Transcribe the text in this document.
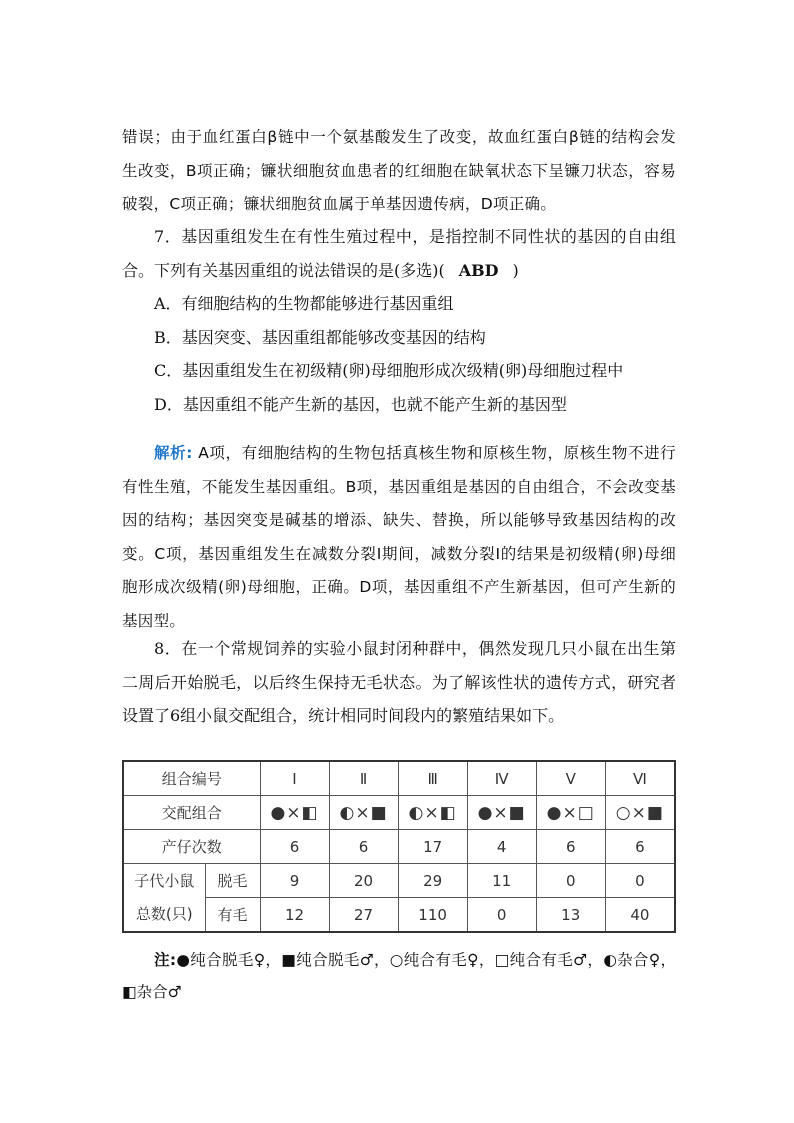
错误；由于血红蛋白β链中一个氨基酸发生了改变，故血红蛋白β链的结构会发生改变，B项正确；镰状细胞贫血患者的红细胞在缺氧状态下呈镰刀状态，容易破裂，C项正确；镰状细胞贫血属于单基因遗传病，D项正确。

7．基因重组发生在有性生殖过程中，是指控制不同性状的基因的自由组合。下列有关基因重组的说法错误的是(多选)( ABD )

A．有细胞结构的生物都能够进行基因重组

B．基因突变、基因重组都能够改变基因的结构

C．基因重组发生在初级精(卵)母细胞形成次级精(卵)母细胞过程中

D．基因重组不能产生新的基因，也就不能产生新的基因型

解析: A项，有细胞结构的生物包括真核生物和原核生物，原核生物不进行有性生殖，不能发生基因重组。B项，基因重组是基因的自由组合，不会改变基因的结构；基因突变是碱基的增添、缺失、替换，所以能够导致基因结构的改变。C项，基因重组发生在减数分裂Ⅰ期间，减数分裂Ⅰ的结果是初级精(卵)母细胞形成次级精(卵)母细胞，正确。D项，基因重组不产生新基因，但可产生新的基因型。

8．在一个常规饲养的实验小鼠封闭种群中，偶然发现几只小鼠在出生第二周后开始脱毛，以后终生保持无毛状态。为了解该性状的遗传方式，研究者设置了6组小鼠交配组合，统计相同时间段内的繁殖结果如下。

组合编号		Ⅰ	Ⅱ	Ⅲ	Ⅳ	Ⅴ	Ⅵ
交配组合		●×◧	◐×■	◐×◧	●×■	●×□	○×■
产仔次数		6	6	17	4	6	6

子代小鼠
总数(只)	脱毛	9	20	29	11	0	0
	有毛	12	27	110	0	13	40

注:●纯合脱毛♀，■纯合脱毛♂，○纯合有毛♀，□纯合有毛♂，◐杂合♀，◧杂合♂
